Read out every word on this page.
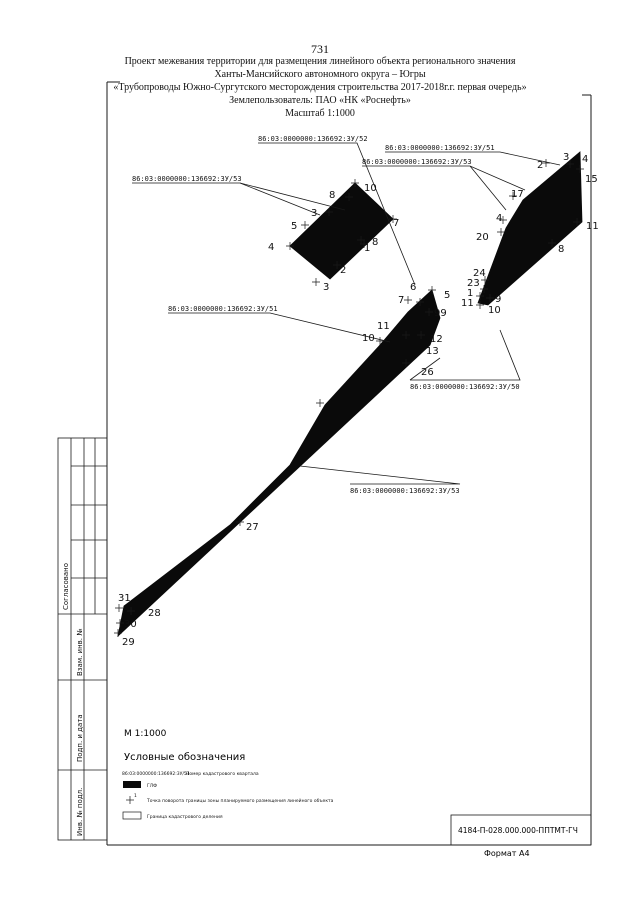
731
Проект межевания территории для размещения линейного объекта регионального значения
Ханты-Мансийского автономного округа – Югры
«Трубопроводы Южно-Сургутского месторождения строительства 2017-2018г.г. первая очередь»
Землепользователь: ПАО «НК «Роснефть»
Масштаб 1:1000
86:03:0000000:136692:3У/52
86:03:0000000:136692:3У/53
86:03:0000000:136692:3У/53
86:03:0000000:136692:3У/51
86:03:0000000:136692:3У/53
86:03:0000000:136692:3У/51
86:03:0000000:136692:3У/50
8
10
3
5
4
7
8
1
2
3	6
5
7
99
11
10	12
13
26
27
31
28
30
29
2
3 4
15
17
4
20
11
8
24
23
1
11 9
10
Согласовано
Взам. инв. №
Подп. и дата
Инв. № подл.
М 1:1000
Условные обозначения
86:03:0000000:136692:3У/51
Номер кадастрового квартала
ГЛФ
1
Точка поворота границы зоны планируемого размещения линейного объекта
Граница кадастрового деления
4184-П-028.000.000-ППТМТ-ГЧ
Формат А4
